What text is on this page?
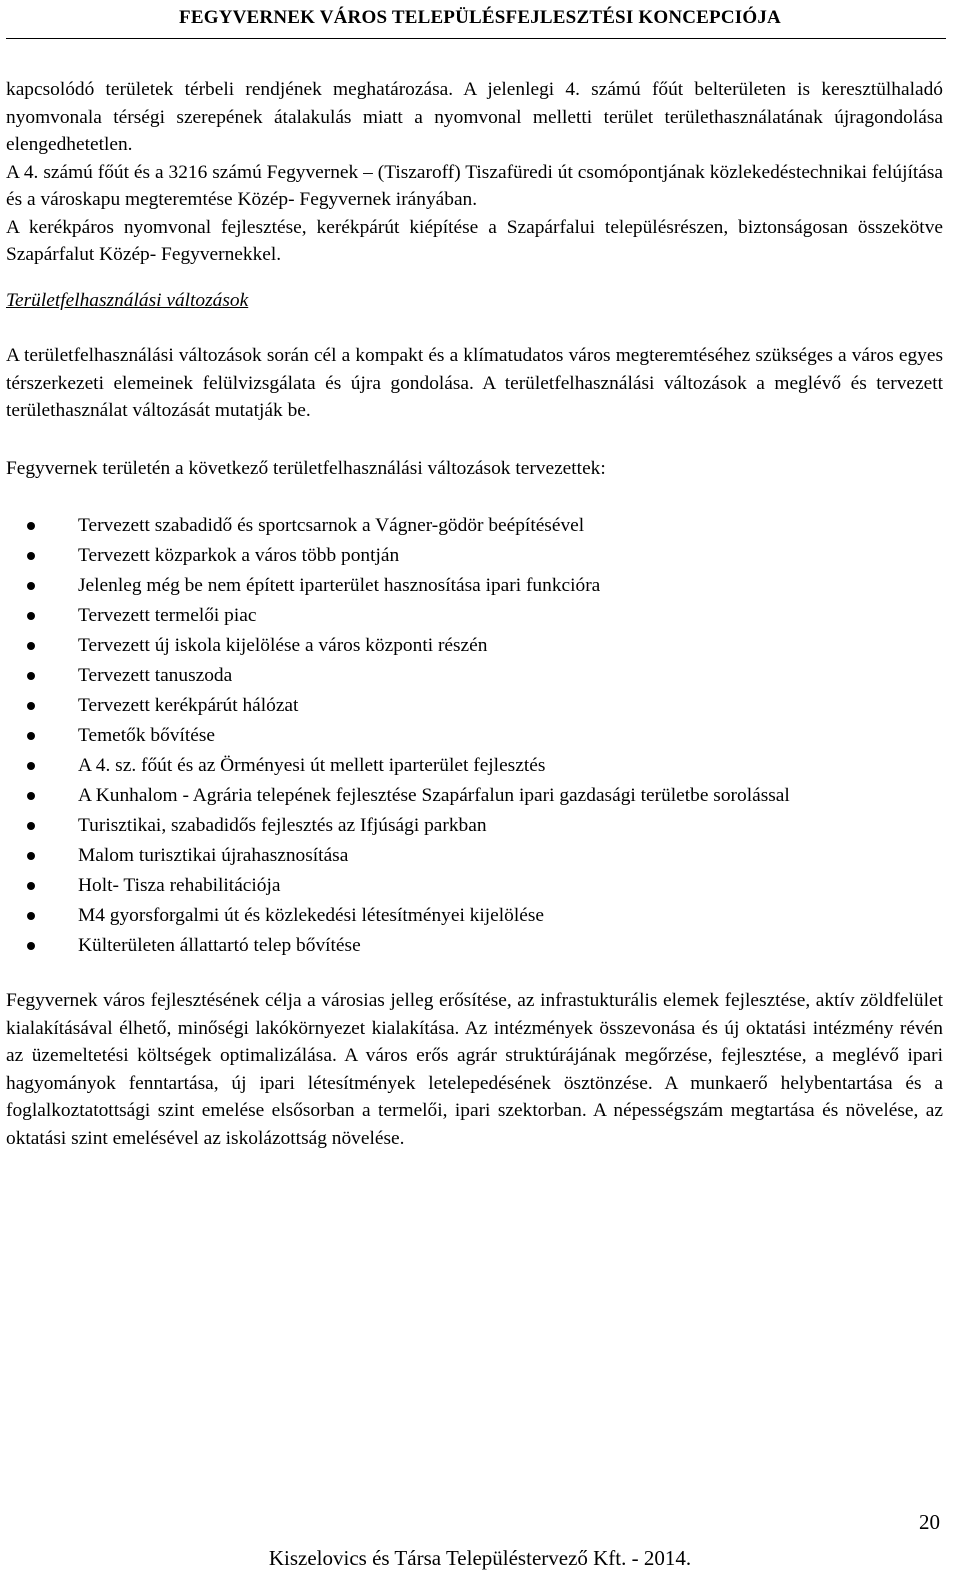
FEGYVERNEK VÁROS TELEPÜLÉSFEJLESZTÉSI KONCEPCIÓJA

kapcsolódó területek térbeli rendjének meghatározása. A jelenlegi 4. számú főút belterületen is keresztülhaladó nyomvonala térségi szerepének átalakulás miatt a nyomvonal melletti terület területhasználatának újragondolása elengedhetetlen.

A 4. számú főút és a 3216 számú Fegyvernek – (Tiszaroff) Tiszafüredi út csomópontjának közlekedéstechnikai felújítása és a városkapu megteremtése Közép- Fegyvernek irányában.

A kerékpáros nyomvonal fejlesztése, kerékpárút kiépítése a Szapárfalui településrészen, biztonságosan összekötve Szapárfalut Közép- Fegyvernekkel.

Területfelhasználási változások

A területfelhasználási változások során cél a kompakt és a klímatudatos város megteremtéséhez szükséges a város egyes térszerkezeti elemeinek felülvizsgálata és újra gondolása. A területfelhasználási változások a meglévő és tervezett területhasználat változását mutatják be.

Fegyvernek területén a következő területfelhasználási változások tervezettek:

Tervezett szabadidő és sportcsarnok a Vágner-gödör beépítésével
Tervezett közparkok a város több pontján
Jelenleg még be nem épített iparterület hasznosítása ipari funkcióra
Tervezett termelői piac
Tervezett új iskola kijelölése a város központi részén
Tervezett tanuszoda
Tervezett kerékpárút hálózat
Temetők bővítése
A 4. sz. főút és az Örményesi út mellett iparterület fejlesztés
A Kunhalom - Agrária telepének fejlesztése Szapárfalun ipari gazdasági területbe sorolással
Turisztikai, szabadidős fejlesztés az Ifjúsági parkban
Malom turisztikai újrahasznosítása
Holt- Tisza rehabilitációja
M4 gyorsforgalmi út és közlekedési létesítményei kijelölése
Külterületen állattartó telep bővítése

Fegyvernek város fejlesztésének célja a városias jelleg erősítése, az infrastukturális elemek fejlesztése, aktív zöldfelület kialakításával élhető, minőségi lakókörnyezet kialakítása. Az intézmények összevonása és új oktatási intézmény révén az üzemeltetési költségek optimalizálása. A város erős agrár struktúrájának megőrzése, fejlesztése, a meglévő ipari hagyományok fenntartása, új ipari létesítmények letelepedésének ösztönzése. A munkaerő helybentartása és a foglalkoztatottsági szint emelése elsősorban a termelői, ipari szektorban. A népességszám megtartása és növelése, az oktatási szint emelésével az iskolázottság növelése.

20
Kiszelovics és Társa Településtervező Kft. - 2014.
